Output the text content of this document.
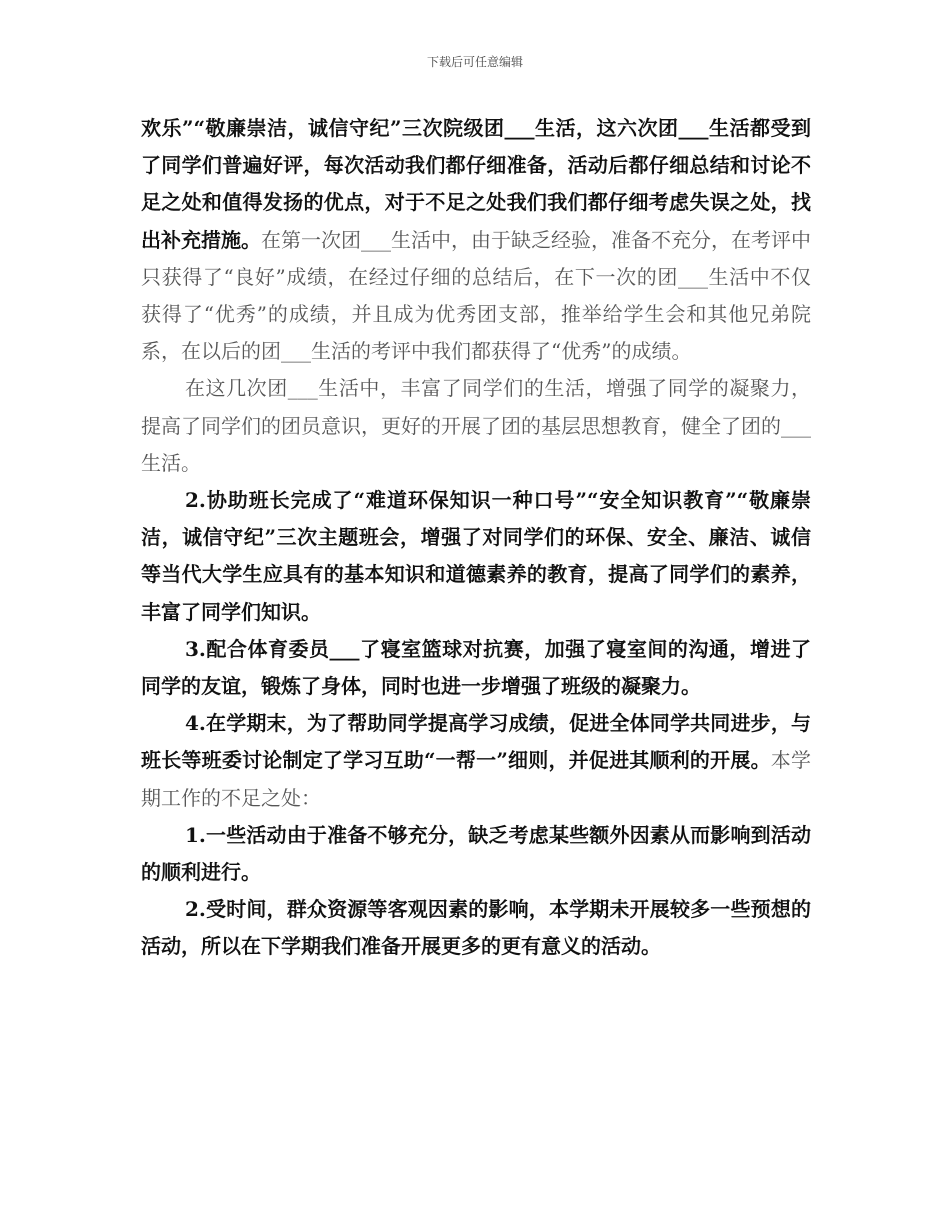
下载后可任意编辑

欢乐”“敬廉崇洁，诚信守纪”三次院级团___生活，这六次团___生活都受到了同学们普遍好评，每次活动我们都仔细准备，活动后都仔细总结和讨论不足之处和值得发扬的优点，对于不足之处我们我们都仔细考虑失误之处，找出补充措施。在第一次团___生活中，由于缺乏经验，准备不充分，在考评中只获得了“良好”成绩，在经过仔细的总结后，在下一次的团___生活中不仅获得了“优秀”的成绩，并且成为优秀团支部，推举给学生会和其他兄弟院系，在以后的团___生活的考评中我们都获得了“优秀”的成绩。

在这几次团___生活中，丰富了同学们的生活，增强了同学的凝聚力，提高了同学们的团员意识，更好的开展了团的基层思想教育，健全了团的___生活。

2.协助班长完成了“难道环保知识一种口号”“安全知识教育”“敬廉崇洁，诚信守纪”三次主题班会，增强了对同学们的环保、安全、廉洁、诚信等当代大学生应具有的基本知识和道德素养的教育，提高了同学们的素养，丰富了同学们知识。

3.配合体育委员___了寝室篮球对抗赛，加强了寝室间的沟通，增进了同学的友谊，锻炼了身体，同时也进一步增强了班级的凝聚力。

4.在学期末，为了帮助同学提高学习成绩，促进全体同学共同进步，与班长等班委讨论制定了学习互助“一帮一”细则，并促进其顺利的开展。本学期工作的不足之处：

1.一些活动由于准备不够充分，缺乏考虑某些额外因素从而影响到活动的顺利进行。

2.受时间，群众资源等客观因素的影响，本学期未开展较多一些预想的活动，所以在下学期我们准备开展更多的更有意义的活动。
